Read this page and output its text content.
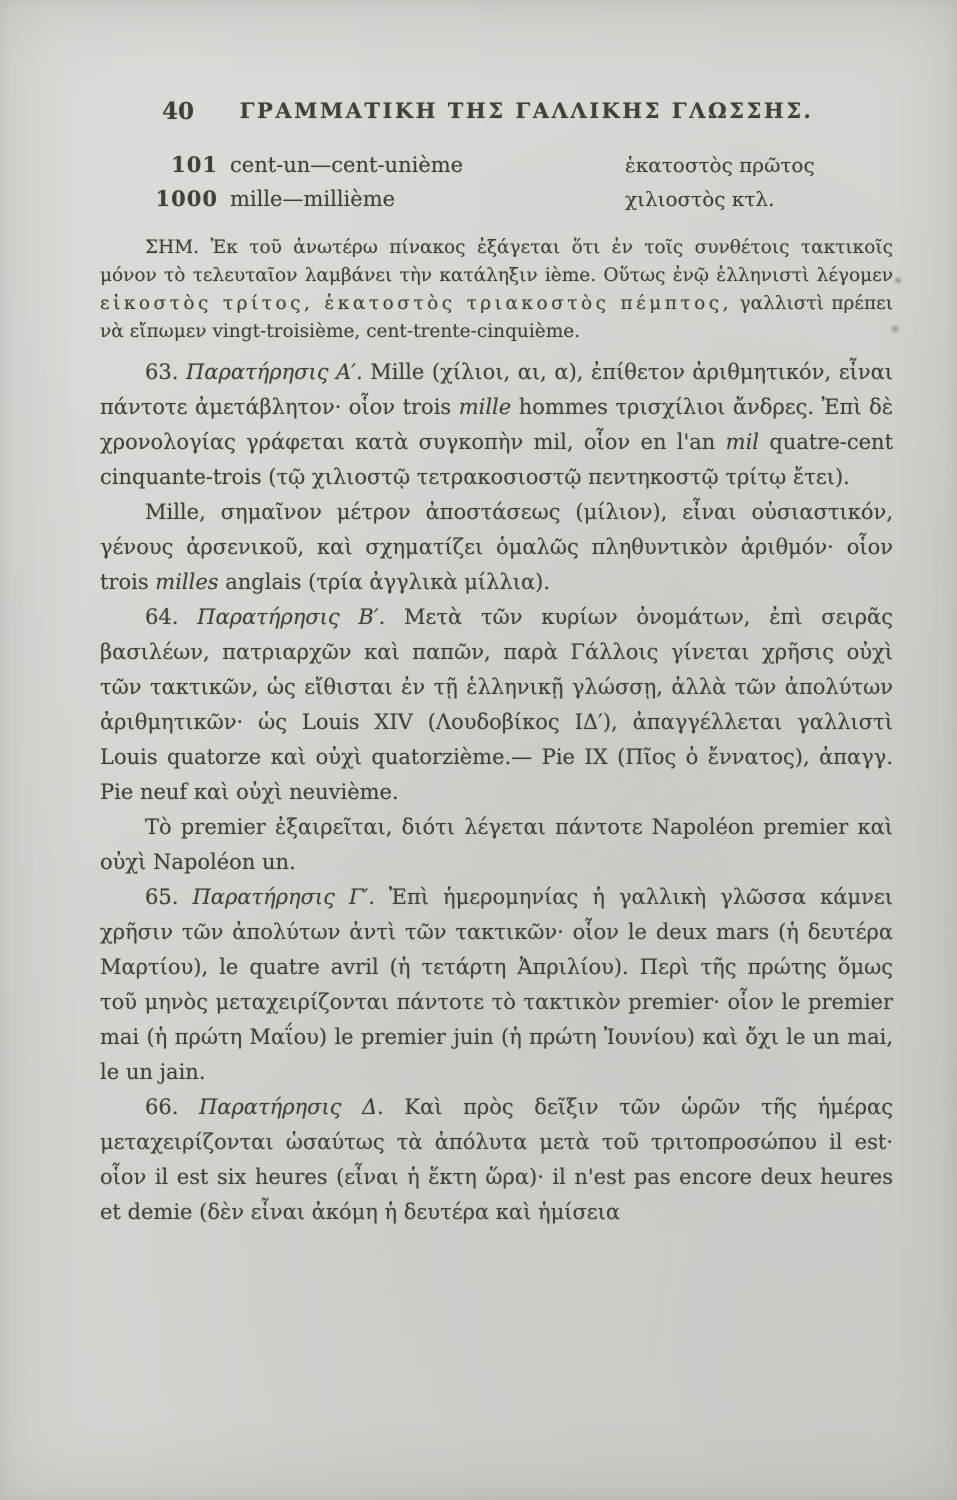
40	ΓΡΑΜΜΑΤΙΚΗ ΤΗΣ ΓΑΛΛΙΚΗΣ ΓΛΩΣΣΗΣ.
101 cent-un—cent-unième	ἑκατοστὸς πρῶτος
1000 mille—millième	χιλιοστὸς κτλ.

ΣΗΜ. Ἐκ τοῦ ἀνωτέρω πίνακος ἐξάγεται ὅτι ἐν τοῖς συνθέτοις τακτικοῖς μόνον τὸ τελευταῖον λαμβάνει τὴν κατάληξιν ième. Οὕτως ἐνῷ ἑλληνιστὶ λέγομεν εἰκοστὸς τρίτος, ἑκατοστὸς τριακοστὸς πέμπτος, γαλλιστὶ πρέπει νὰ εἴπωμεν vingt-troisième, cent-trente-cinquième.

63. Παρατήρησις Α′. Mille (χίλιοι, αι, α), ἐπίθετον ἀριθμητικόν, εἶναι πάντοτε ἀμετάβλητον· οἷον trois mille hommes τρισχίλιοι ἄνδρες. Ἐπὶ δὲ χρονολογίας γράφεται κατὰ συγκοπὴν mil, οἷον en l'an mil quatre-cent cinquante-trois (τῷ χιλιοστῷ τετρακοσιοστῷ πεντηκοστῷ τρίτῳ ἔτει).

Mille, σημαῖνον μέτρον ἀποστάσεως (μίλιον), εἶναι οὐσιαστικόν, γένους ἀρσενικοῦ, καὶ σχηματίζει ὁμαλῶς πληθυντικὸν ἀριθμόν· οἷον trois milles anglais (τρία ἀγγλικὰ μίλλια).

64. Παρατήρησις Β′. Μετὰ τῶν κυρίων ὀνομάτων, ἐπὶ σειρᾶς βασιλέων, πατριαρχῶν καὶ παπῶν, παρὰ Γάλλοις γίνεται χρῆσις οὐχὶ τῶν τακτικῶν, ὡς εἴθισται ἐν τῇ ἑλληνικῇ γλώσσῃ, ἀλλὰ τῶν ἀπολύτων ἀριθμητικῶν· ὡς Louis XIV (Λουδοβίκος ΙΔ′), ἀπαγγέλλεται γαλλιστὶ Louis quatorze καὶ οὐχὶ quatorzième.— Pie IX (Πῖος ὁ ἔννατος), ἀπαγγ. Pie neuf καὶ οὐχὶ neuvième.

Τὸ premier ἐξαιρεῖται, διότι λέγεται πάντοτε Napoléon premier καὶ οὐχὶ Napoléon un.

65. Παρατήρησις Γ′. Ἐπὶ ἡμερομηνίας ἡ γαλλικὴ γλῶσσα κάμνει χρῆσιν τῶν ἀπολύτων ἀντὶ τῶν τακτικῶν· οἷον le deux mars (ἡ δευτέρα Μαρτίου), le quatre avril (ἡ τετάρτη Ἀπριλίου). Περὶ τῆς πρώτης ὅμως τοῦ μηνὸς μεταχειρίζονται πάντοτε τὸ τακτικὸν premier· οἷον le premier mai (ἡ πρώτη Μαΐου) le premier juin (ἡ πρώτη Ἰουνίου) καὶ ὄχι le un mai, le un jain.

66. Παρατήρησις Δ. Καὶ πρὸς δεῖξιν τῶν ὡρῶν τῆς ἡμέρας μεταχειρίζονται ὡσαύτως τὰ ἀπόλυτα μετὰ τοῦ τριτοπροσώπου il est· οἷον il est six heures (εἶναι ἡ ἕκτη ὥρα)· il n'est pas encore deux heures et demie (δὲν εἶναι ἀκόμη ἡ δευτέρα καὶ ἡμίσεια
